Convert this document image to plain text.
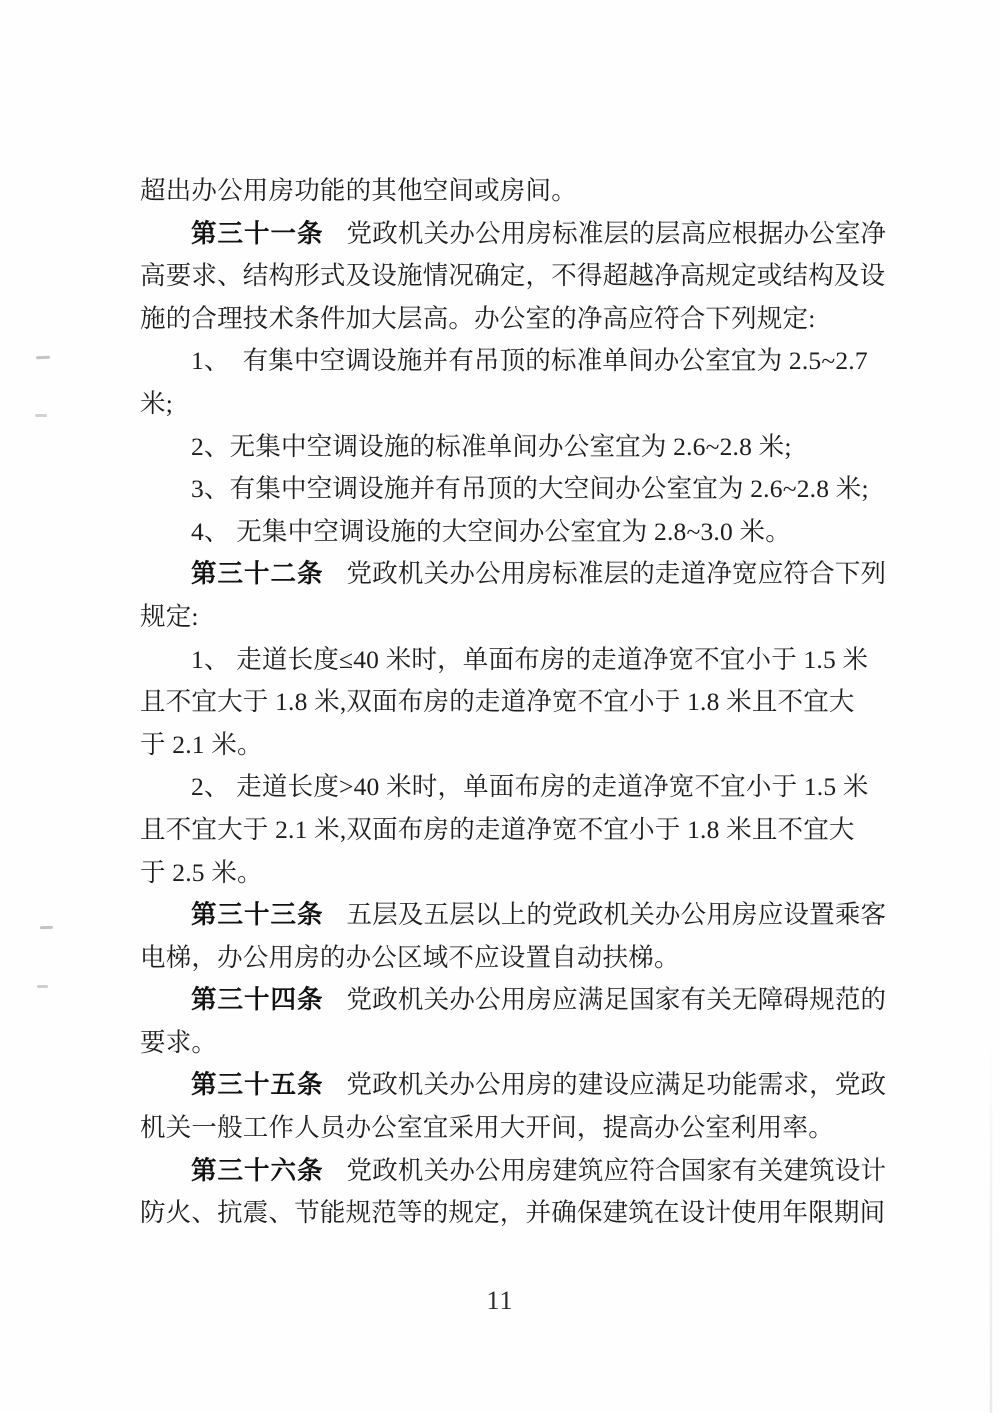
超出办公用房功能的其他空间或房间。
第三十一条 党政机关办公用房标准层的层高应根据办公室净
高要求、结构形式及设施情况确定，不得超越净高规定或结构及设
施的合理技术条件加大层高。办公室的净高应符合下列规定:
1、　有集中空调设施并有吊顶的标准单间办公室宜为 2.5~2.7
米;
2、无集中空调设施的标准单间办公室宜为 2.6~2.8 米;
3、有集中空调设施并有吊顶的大空间办公室宜为 2.6~2.8 米;
4、 无集中空调设施的大空间办公室宜为 2.8~3.0 米。
第三十二条 党政机关办公用房标准层的走道净宽应符合下列
规定:
1、 走道长度≤40 米时，单面布房的走道净宽不宜小于 1.5 米
且不宜大于 1.8 米,双面布房的走道净宽不宜小于 1.8 米且不宜大
于 2.1 米。
2、 走道长度>40 米时，单面布房的走道净宽不宜小于 1.5 米
且不宜大于 2.1 米,双面布房的走道净宽不宜小于 1.8 米且不宜大
于 2.5 米。
第三十三条 五层及五层以上的党政机关办公用房应设置乘客
电梯，办公用房的办公区域不应设置自动扶梯。
第三十四条 党政机关办公用房应满足国家有关无障碍规范的
要求。
第三十五条 党政机关办公用房的建设应满足功能需求，党政
机关一般工作人员办公室宜采用大开间，提高办公室利用率。
第三十六条 党政机关办公用房建筑应符合国家有关建筑设计
防火、抗震、节能规范等的规定，并确保建筑在设计使用年限期间
11
